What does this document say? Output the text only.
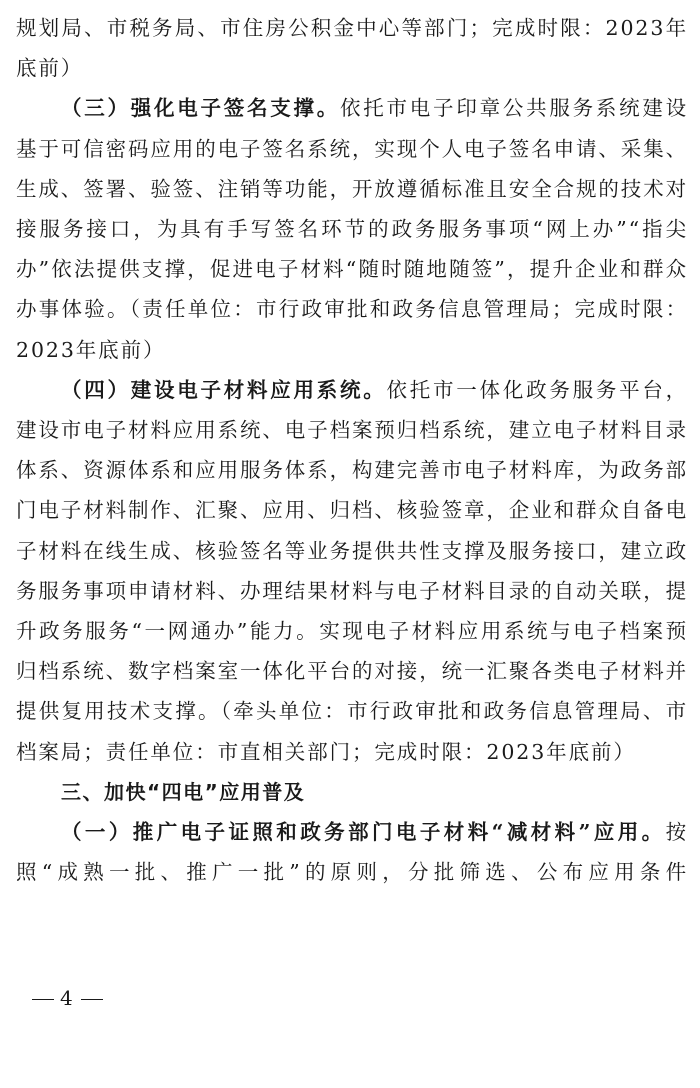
规划局、市税务局、市住房公积金中心等部门；完成时限：2023年底前）

（三）强化电子签名支撑。依托市电子印章公共服务系统建设基于可信密码应用的电子签名系统，实现个人电子签名申请、采集、生成、签署、验签、注销等功能，开放遵循标准且安全合规的技术对接服务接口，为具有手写签名环节的政务服务事项“网上办”“指尖办”依法提供支撑，促进电子材料“随时随地随签”，提升企业和群众办事体验。（责任单位：市行政审批和政务信息管理局；完成时限：2023年底前）

（四）建设电子材料应用系统。依托市一体化政务服务平台，建设市电子材料应用系统、电子档案预归档系统，建立电子材料目录体系、资源体系和应用服务体系，构建完善市电子材料库，为政务部门电子材料制作、汇聚、应用、归档、核验签章，企业和群众自备电子材料在线生成、核验签名等业务提供共性支撑及服务接口，建立政务服务事项申请材料、办理结果材料与电子材料目录的自动关联，提升政务服务“一网通办”能力。实现电子材料应用系统与电子档案预归档系统、数字档案室一体化平台的对接，统一汇聚各类电子材料并提供复用技术支撑。（牵头单位：市行政审批和政务信息管理局、市档案局；责任单位：市直相关部门；完成时限：2023年底前）

三、加快“四电”应用普及

（一）推广电子证照和政务部门电子材料“减材料”应用。按照“成熟一批、推广一批”的原则，分批筛选、公布应用条件

4
